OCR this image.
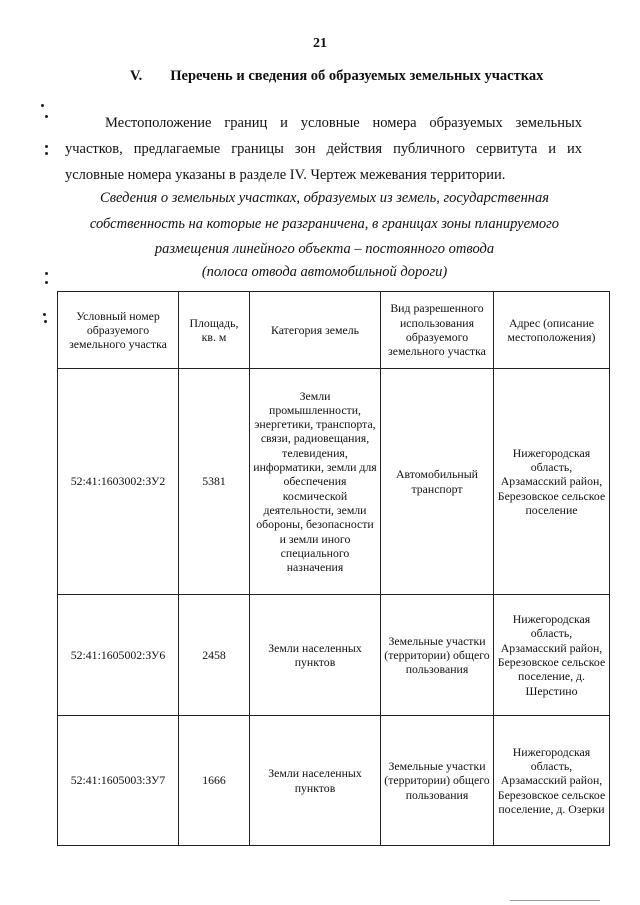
21
V. Перечень и сведения об образуемых земельных участках
Местоположение границ и условные номера образуемых земельных участков, предлагаемые границы зон действия публичного сервитута и их условные номера указаны в разделе IV. Чертеж межевания территории.
Сведения о земельных участках, образуемых из земель, государственная
собственность на которые не разграничена, в границах зоны планируемого
размещения линейного объекта – постоянного отвода
(полоса отвода автомобильной дороги)
Условный номер образуемого земельного участка	Площадь, кв. м	Категория земель	Вид разрешенного использования образуемого земельного участка	Адрес (описание местоположения)
52:41:1603002:ЗУ2	5381	Земли промышленности, энергетики, транспорта, связи, радиовещания, телевидения, информатики, земли для обеспечения космической деятельности, земли обороны, безопасности и земли иного специального назначения	Автомобильный транспорт	Нижегородская область, Арзамасский район, Березовское сельское поселение
52:41:1605002:ЗУ6	2458	Земли населенных пунктов	Земельные участки (территории) общего пользования	Нижегородская область, Арзамасский район, Березовское сельское поселение, д. Шерстино
52:41:1605003:ЗУ7	1666	Земли населенных пунктов	Земельные участки (территории) общего пользования	Нижегородская область, Арзамасский район, Березовское сельское поселение, д. Озерки
